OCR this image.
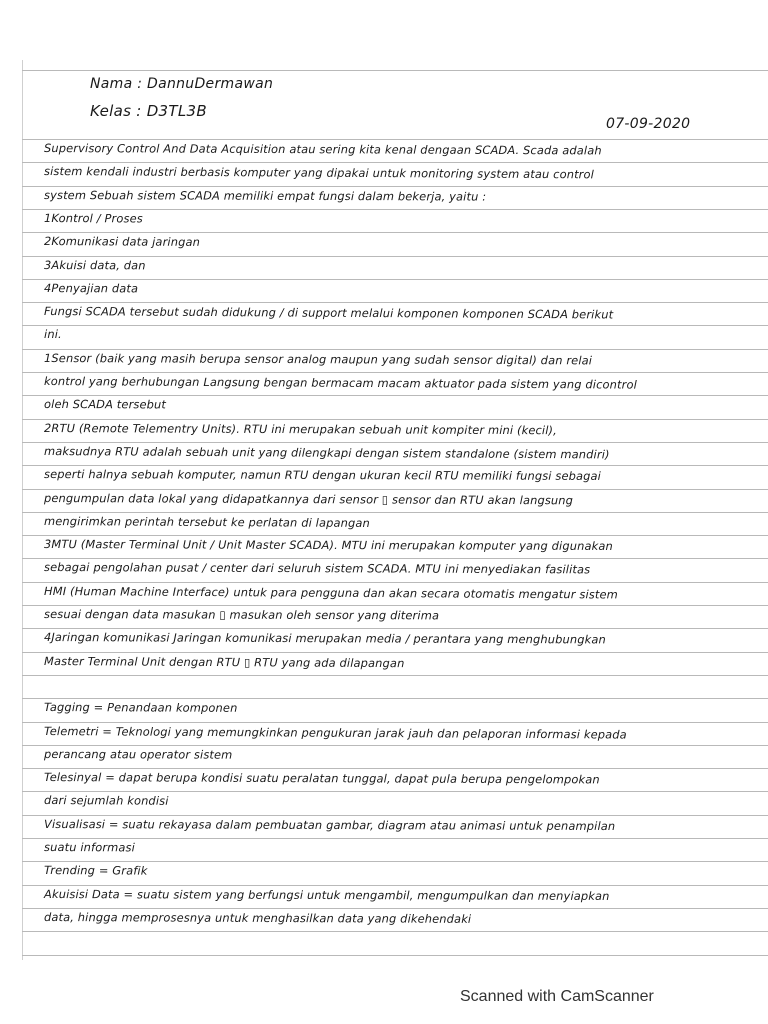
Nama : DannuDermawan
Kelas : D3TL3B
07-09-2020
Supervisory Control And Data Acquisition atau sering kita kenal dengaan SCADA. Scada adalah
sistem kendali industri berbasis komputer yang dipakai untuk monitoring system atau control
system Sebuah sistem SCADA memiliki empat fungsi dalam bekerja, yaitu :
1Kontrol / Proses
2Komunikasi data jaringan
3Akuisi data, dan
4Penyajian data
Fungsi SCADA tersebut sudah didukung / di support melalui komponen komponen SCADA berikut
ini.
1Sensor (baik yang masih berupa sensor analog maupun yang sudah sensor digital) dan relai
kontrol yang berhubungan Langsung bengan bermacam macam aktuator pada sistem yang dicontrol
oleh SCADA tersebut
2RTU (Remote Telementry Units). RTU ini merupakan sebuah unit kompiter mini (kecil),
maksudnya RTU adalah sebuah unit yang dilengkapi dengan sistem standalone (sistem mandiri)
seperti halnya sebuah komputer, namun RTU dengan ukuran kecil RTU memiliki fungsi sebagai
pengumpulan data lokal yang didapatkannya dari sensor ▯ sensor dan RTU akan langsung
mengirimkan perintah tersebut ke perlatan di lapangan
3MTU (Master Terminal Unit / Unit Master SCADA). MTU ini merupakan komputer yang digunakan
sebagai pengolahan pusat / center dari seluruh sistem SCADA. MTU ini menyediakan fasilitas
HMI (Human Machine Interface) untuk para pengguna dan akan secara otomatis mengatur sistem
sesuai dengan data masukan ▯ masukan oleh sensor yang diterima
4Jaringan komunikasi Jaringan komunikasi merupakan media / perantara yang menghubungkan
Master Terminal Unit dengan RTU ▯ RTU yang ada dilapangan
Tagging = Penandaan komponen
Telemetri = Teknologi yang memungkinkan pengukuran jarak jauh dan pelaporan informasi kepada
perancang atau operator sistem
Telesinyal = dapat berupa kondisi suatu peralatan tunggal, dapat pula berupa pengelompokan
dari sejumlah kondisi
Visualisasi = suatu rekayasa dalam pembuatan gambar, diagram atau animasi untuk penampilan
suatu informasi
Trending = Grafik
Akuisisi Data = suatu sistem yang berfungsi untuk mengambil, mengumpulkan dan menyiapkan
data, hingga memprosesnya untuk menghasilkan data yang dikehendaki
Scanned with CamScanner
